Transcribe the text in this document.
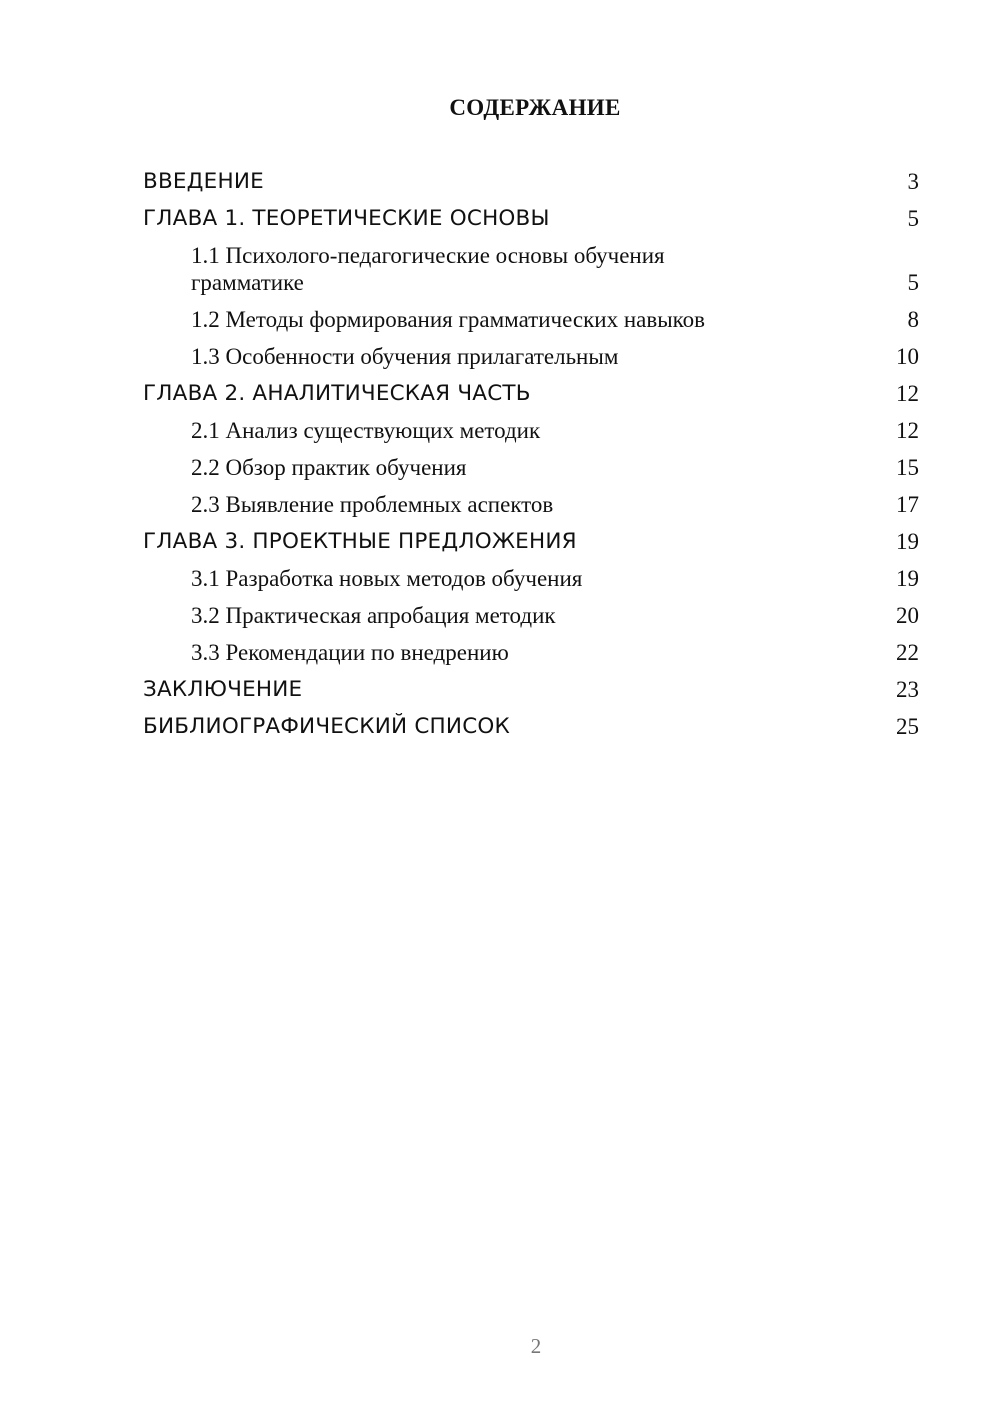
СОДЕРЖАНИЕ
ВВЕДЕНИЕ	3
ГЛАВА 1. ТЕОРЕТИЧЕСКИЕ ОСНОВЫ	5
1.1 Психолого-педагогические основы обучения грамматике	5
1.2 Методы формирования грамматических навыков	8
1.3 Особенности обучения прилагательным	10
ГЛАВА 2. АНАЛИТИЧЕСКАЯ ЧАСТЬ	12
2.1 Анализ существующих методик	12
2.2 Обзор практик обучения	15
2.3 Выявление проблемных аспектов	17
ГЛАВА 3. ПРОЕКТНЫЕ ПРЕДЛОЖЕНИЯ	19
3.1 Разработка новых методов обучения	19
3.2 Практическая апробация методик	20
3.3 Рекомендации по внедрению	22
ЗАКЛЮЧЕНИЕ	23
БИБЛИОГРАФИЧЕСКИЙ СПИСОК	25
2
